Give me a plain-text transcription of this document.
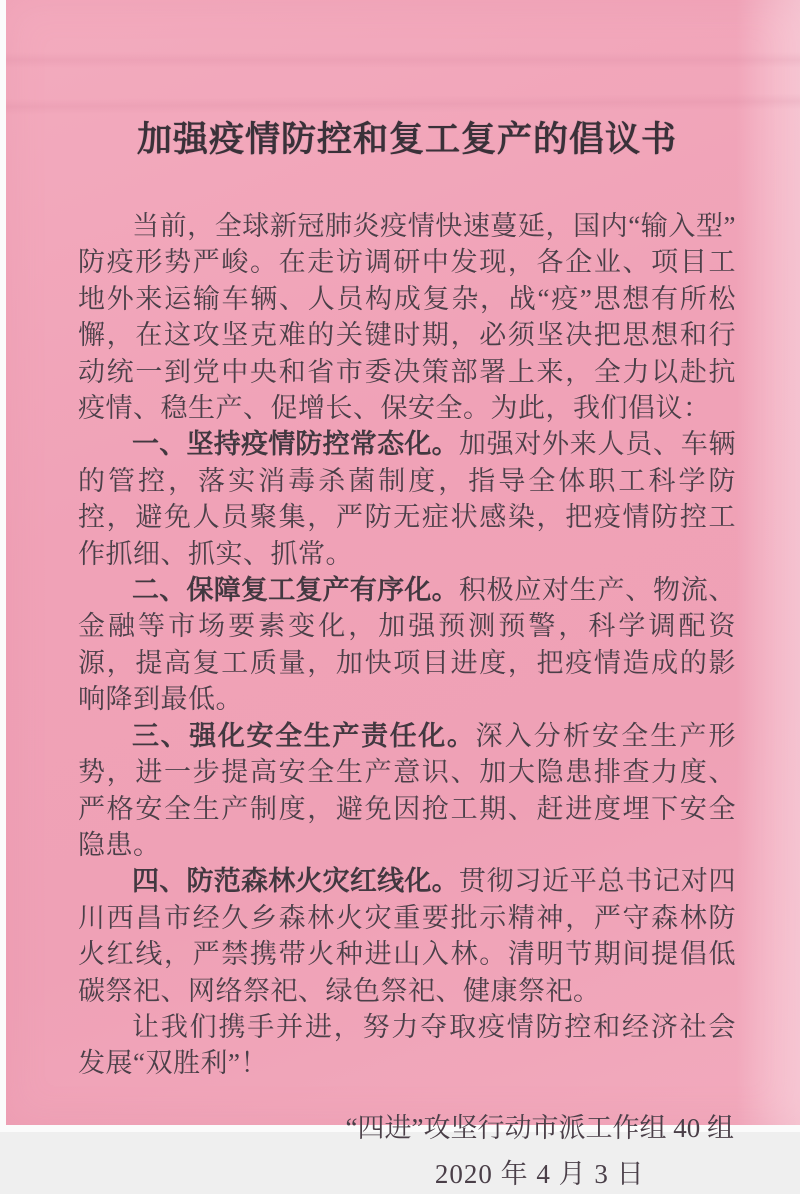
加强疫情防控和复工复产的倡议书

当前，全球新冠肺炎疫情快速蔓延，国内“输入型”防疫形势严峻。在走访调研中发现，各企业、项目工地外来运输车辆、人员构成复杂，战“疫”思想有所松懈，在这攻坚克难的关键时期，必须坚决把思想和行动统一到党中央和省市委决策部署上来，全力以赴抗疫情、稳生产、促增长、保安全。为此，我们倡议：

一、坚持疫情防控常态化。加强对外来人员、车辆的管控，落实消毒杀菌制度，指导全体职工科学防控，避免人员聚集，严防无症状感染，把疫情防控工作抓细、抓实、抓常。

二、保障复工复产有序化。积极应对生产、物流、金融等市场要素变化，加强预测预警，科学调配资源，提高复工质量，加快项目进度，把疫情造成的影响降到最低。

三、强化安全生产责任化。深入分析安全生产形势，进一步提高安全生产意识、加大隐患排查力度、严格安全生产制度，避免因抢工期、赶进度埋下安全隐患。

四、防范森林火灾红线化。贯彻习近平总书记对四川西昌市经久乡森林火灾重要批示精神，严守森林防火红线，严禁携带火种进山入林。清明节期间提倡低碳祭祀、网络祭祀、绿色祭祀、健康祭祀。

让我们携手并进，努力夺取疫情防控和经济社会发展“双胜利”！

“四进”攻坚行动市派工作组 40 组
2020 年 4 月 3 日
